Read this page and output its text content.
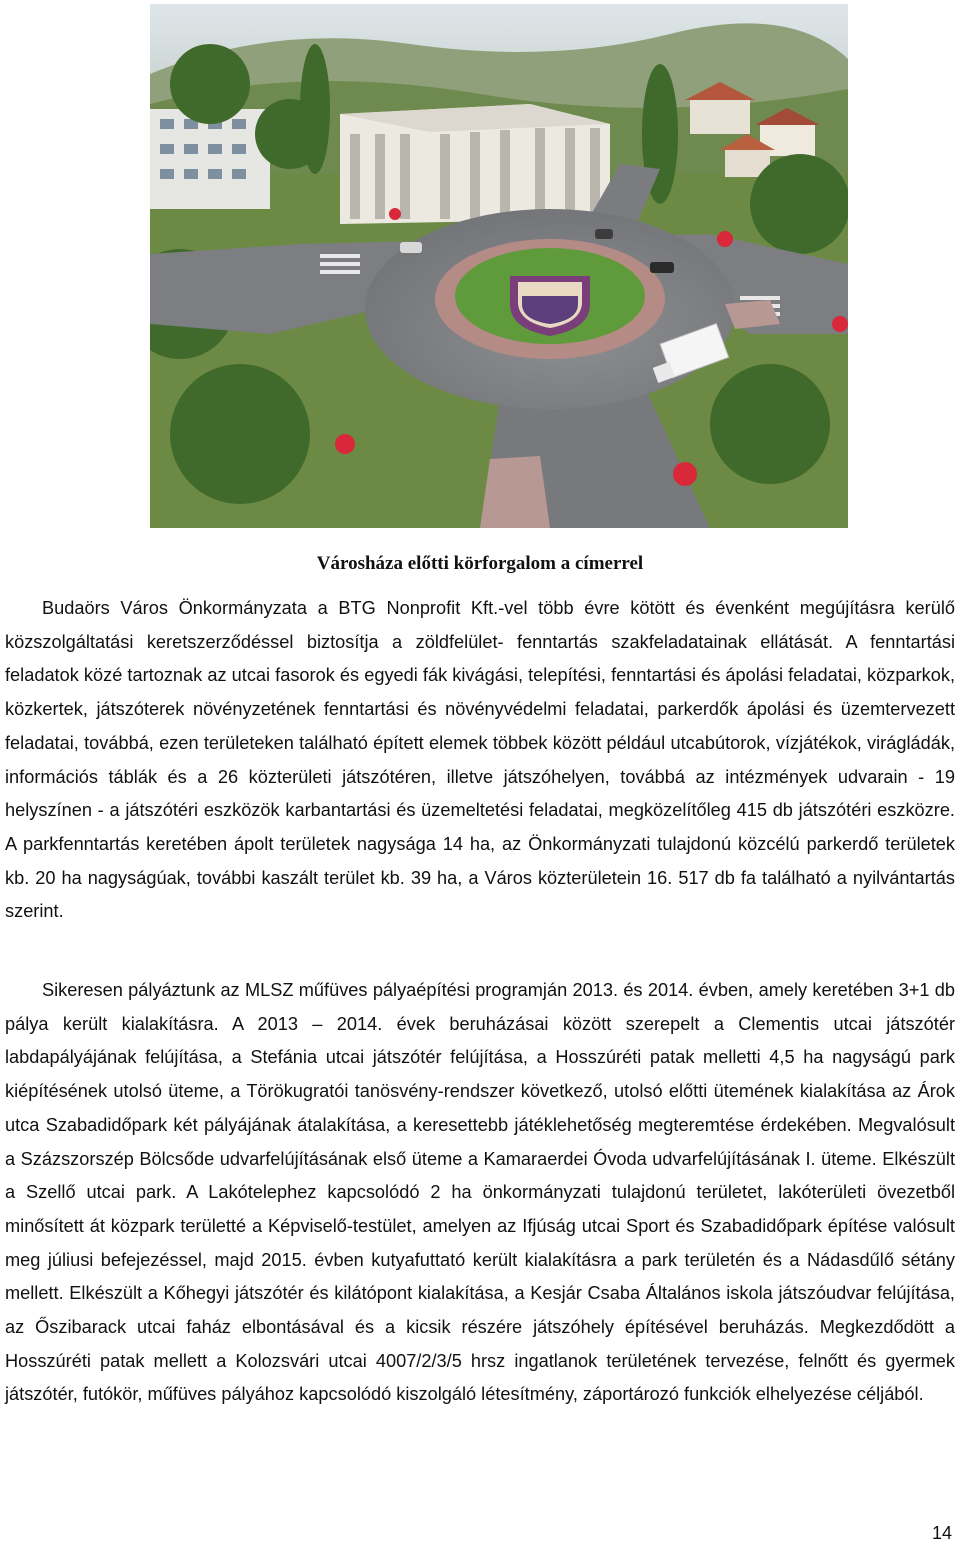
Városháza előtti körforgalom a címerrel

Budaörs Város Önkormányzata a BTG Nonprofit Kft.-vel több évre kötött és évenként megújításra kerülő közszolgáltatási keretszerződéssel biztosítja a zöldfelület- fenntartás szakfeladatainak ellátását. A fenntartási feladatok közé tartoznak az utcai fasorok és egyedi fák kivágási, telepítési, fenntartási és ápolási feladatai, közparkok, közkertek, játszóterek növényzetének fenntartási és növényvédelmi feladatai, parkerdők ápolási és üzemtervezett feladatai, továbbá, ezen területeken található épített elemek többek között például utcabútorok, vízjátékok, virágládák, információs táblák és a 26 közterületi játszótéren, illetve játszóhelyen, továbbá az intézmények udvarain - 19 helyszínen - a játszótéri eszközök karbantartási és üzemeltetési feladatai, megközelítőleg 415 db játszótéri eszközre. A parkfenntartás keretében ápolt területek nagysága 14 ha, az Önkormányzati tulajdonú közcélú parkerdő területek kb. 20 ha nagyságúak, további kaszált terület kb. 39 ha, a Város közterületein 16. 517 db fa található a nyilvántartás szerint.

Sikeresen pályáztunk az MLSZ műfüves pályaépítési programján 2013. és 2014. évben, amely keretében 3+1 db pálya került kialakításra. A 2013 – 2014. évek beruházásai között szerepelt a Clementis utcai játszótér labdapályájának felújítása, a Stefánia utcai játszótér felújítása, a Hosszúréti patak melletti 4,5 ha nagyságú park kiépítésének utolsó üteme, a Törökugratói tanösvény-rendszer következő, utolsó előtti ütemének kialakítása az Árok utca Szabadidőpark két pályájának átalakítása, a keresettebb játéklehetőség megteremtése érdekében. Megvalósult a Százszorszép Bölcsőde udvarfelújításának első üteme a Kamaraerdei Óvoda udvarfelújításának I. üteme. Elkészült a Szellő utcai park. A Lakótelephez kapcsolódó 2 ha önkormányzati tulajdonú területet, lakóterületi övezetből minősített át közpark területté a Képviselő-testület, amelyen az Ifjúság utcai Sport és Szabadidőpark építése valósult meg júliusi befejezéssel, majd 2015. évben kutyafuttató került kialakításra a park területén és a Nádasdűlő sétány mellett. Elkészült a Kőhegyi játszótér és kilátópont kialakítása, a Kesjár Csaba Általános iskola játszóudvar felújítása, az Őszibarack utcai faház elbontásával és a kicsik részére játszóhely építésével beruházás. Megkezdődött a Hosszúréti patak mellett a Kolozsvári utcai 4007/2/3/5 hrsz ingatlanok területének tervezése, felnőtt és gyermek játszótér, futókör, műfüves pályához kapcsolódó kiszolgáló létesítmény, záportározó funkciók elhelyezése céljából.

14
